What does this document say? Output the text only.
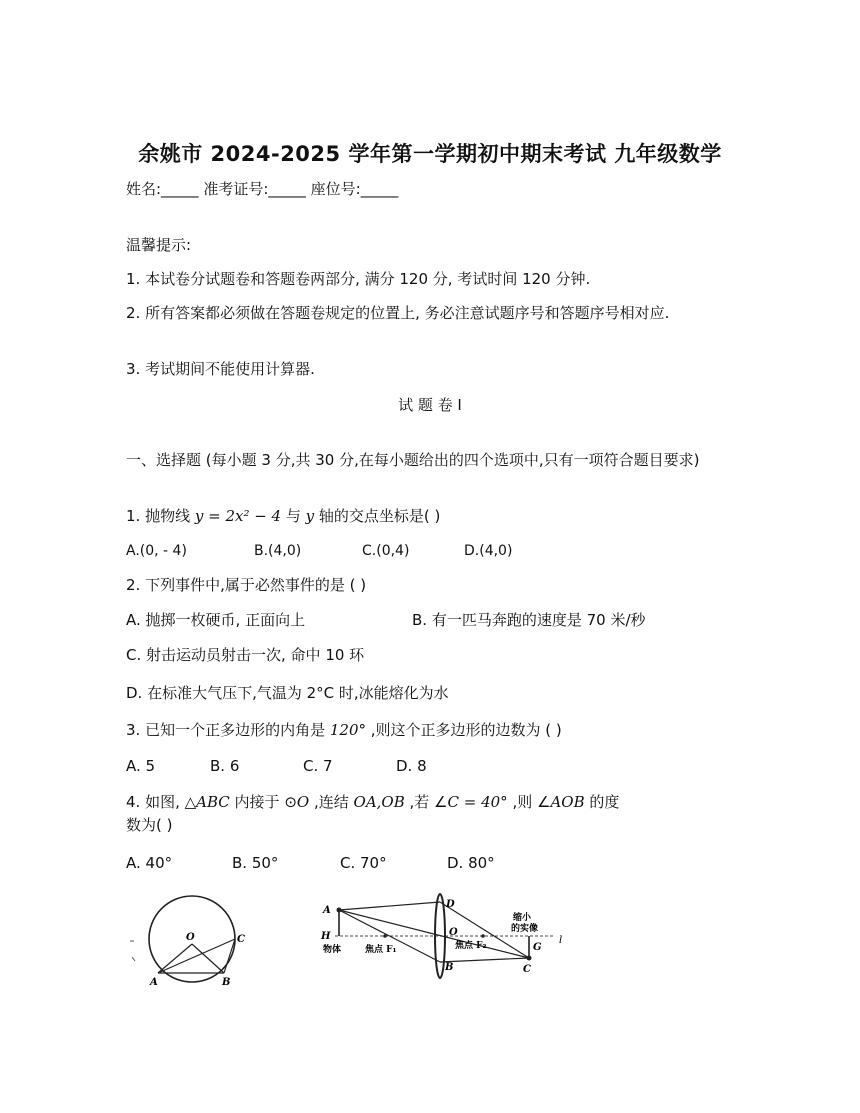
余姚市 2024-2025 学年第一学期初中期末考试 九年级数学
姓名:_____ 准考证号:_____ 座位号:_____
温馨提示:
1. 本试卷分试题卷和答题卷两部分, 满分 120 分, 考试时间 120 分钟.
2. 所有答案都必须做在答题卷规定的位置上, 务必注意试题序号和答题序号相对应.
3. 考试期间不能使用计算器.
试 题 卷 I
一、选择题 (每小题 3 分,共 30 分,在每小题给出的四个选项中,只有一项符合题目要求)
1. 抛物线 y = 2x² − 4 与 y 轴的交点坐标是( )
A.(0, - 4)	B.(4,0)	C.(0,4)	D.(4,0)
2. 下列事件中,属于必然事件的是 ( )
A. 抛掷一枚硬币, 正面向上	B. 有一匹马奔跑的速度是 70 米/秒
C. 射击运动员射击一次, 命中 10 环
D. 在标准大气压下,气温为 2°C 时,冰能熔化为水
3. 已知一个正多边形的内角是 120° ,则这个正多边形的边数为 ( )
A. 5	B. 6	C. 7	D. 8
4. 如图, △ABC 内接于 ⊙O ,连结 OA,OB ,若 ∠C = 40° ,则 ∠AOB 的度
数为( )
A. 40°	B. 50°	C. 70°	D. 80°
O	C
A	B
A
H
物体	焦点 F₁
D
O
焦点 F₂
B	C
G
缩小
的实像
l
